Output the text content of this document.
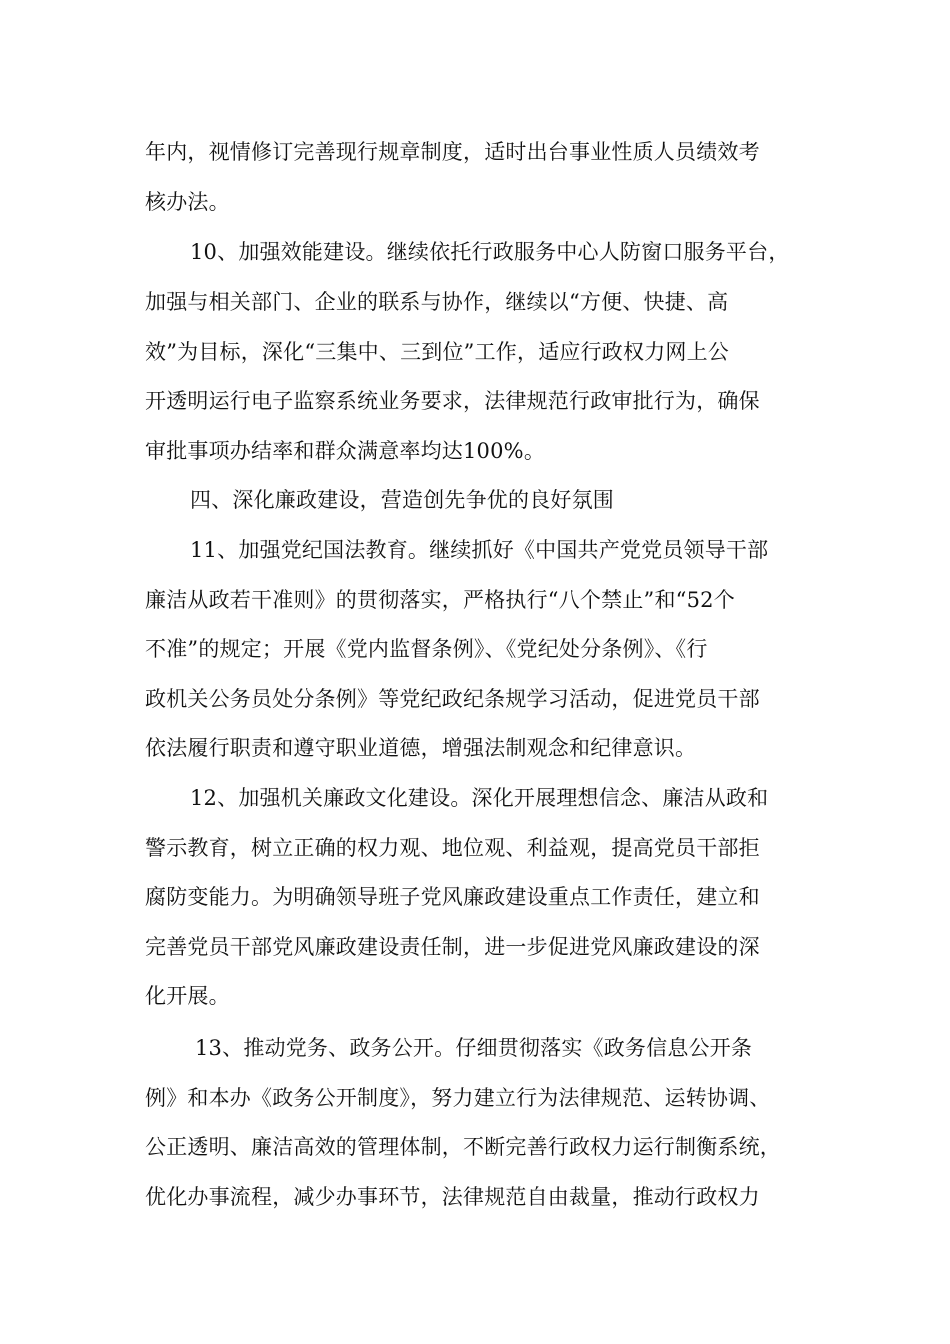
年内，视情修订完善现行规章制度，适时出台事业性质人员绩效考
核办法。
10、加强效能建设。继续依托行政服务中心人防窗口服务平台，
加强与相关部门、企业的联系与协作，继续以“方便、快捷、高
效”为目标，深化“三集中、三到位”工作，适应行政权力网上公
开透明运行电子监察系统业务要求，法律规范行政审批行为，确保
审批事项办结率和群众满意率均达100%。
四、深化廉政建设，营造创先争优的良好氛围
11、加强党纪国法教育。继续抓好《中国共产党党员领导干部
廉洁从政若干准则》的贯彻落实，严格执行“八个禁止”和“52个
不准”的规定；开展《党内监督条例》、《党纪处分条例》、《行
政机关公务员处分条例》等党纪政纪条规学习活动，促进党员干部
依法履行职责和遵守职业道德，增强法制观念和纪律意识。
12、加强机关廉政文化建设。深化开展理想信念、廉洁从政和
警示教育，树立正确的权力观、地位观、利益观，提高党员干部拒
腐防变能力。为明确领导班子党风廉政建设重点工作责任，建立和
完善党员干部党风廉政建设责任制，进一步促进党风廉政建设的深
化开展。
13、推动党务、政务公开。仔细贯彻落实《政务信息公开条
例》和本办《政务公开制度》，努力建立行为法律规范、运转协调、
公正透明、廉洁高效的管理体制，不断完善行政权力运行制衡系统，
优化办事流程，减少办事环节，法律规范自由裁量，推动行政权力
